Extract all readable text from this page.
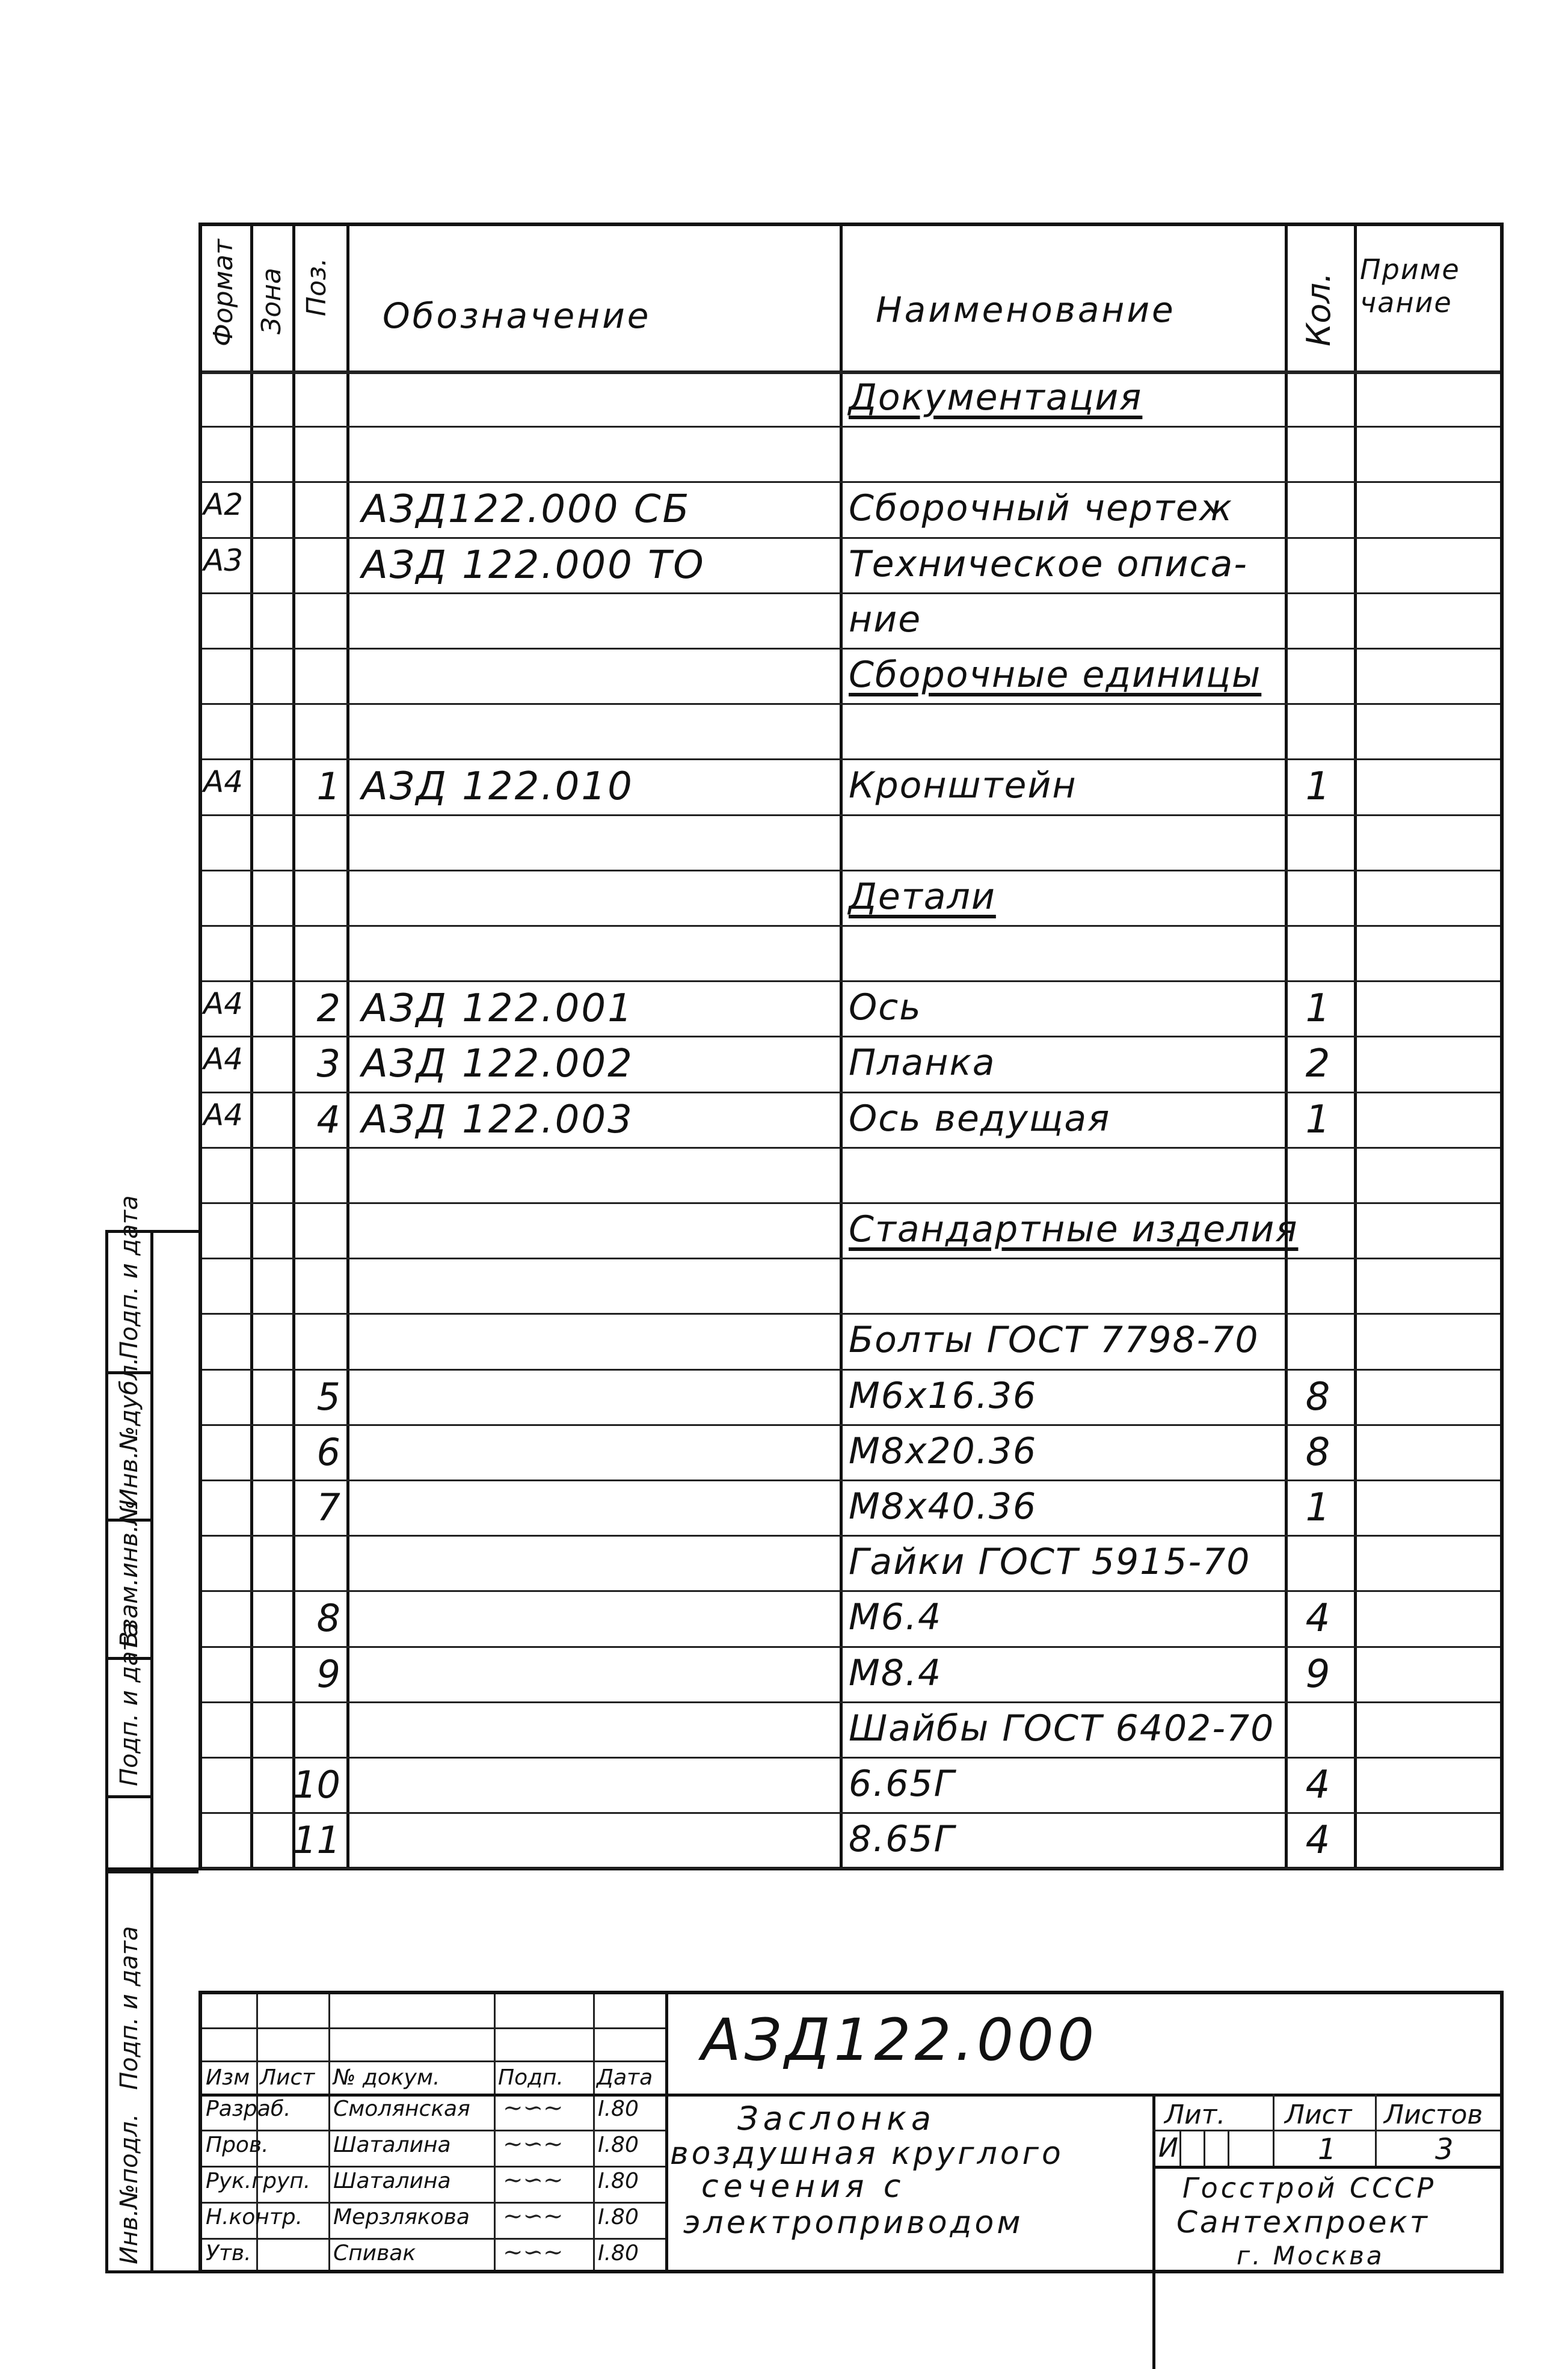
Формат Зона Поз. Обозначение	Наименование	Кол.
Приме
чание
Документация
А2	АЗД122.000 СБ	Сборочный чертеж
А3	АЗД 122.000 ТО	Техническое описа-
ние
Сборочные единицы
А4	1 АЗД 122.010	Кронштейн	1
Детали
А4	2 АЗД 122.001	Ось	1
А4	3 АЗД 122.002	Планка	2
А4	4 АЗД 122.003	Ось ведущая	1
Стандартные изделия
Болты ГОСТ 7798-70
5	М6х16.36	8
6	М8х20.36	8
7	М8х40.36	1
Гайки ГОСТ 5915-70
8	М6.4	4
9	М8.4	9
Шайбы ГОСТ 6402-70
10	6.65Г	4
11	8.65Г	4
Подп. и дата
Инв.№дубл.
Взам.инв.№
Подп. и дата
Подп. и дата
Инв.№подл.
Изм Лист № докум.	Подп. Дата
Разраб. Смолянская ~∽~ I.80
Пров.	Шаталина ~∽~ I.80
Рук.груп. Шаталина ~∽~ I.80
Н.контр. Мерзлякова ~∽~ I.80
Утв.	Спивак	~∽~ I.80
АЗД122.000
Заслонка
воздушная круглого
сечения с
электроприводом
Лит. Лист Листов
И	1	3
Госстрой СССР
Сантехпроект
г. Москва
